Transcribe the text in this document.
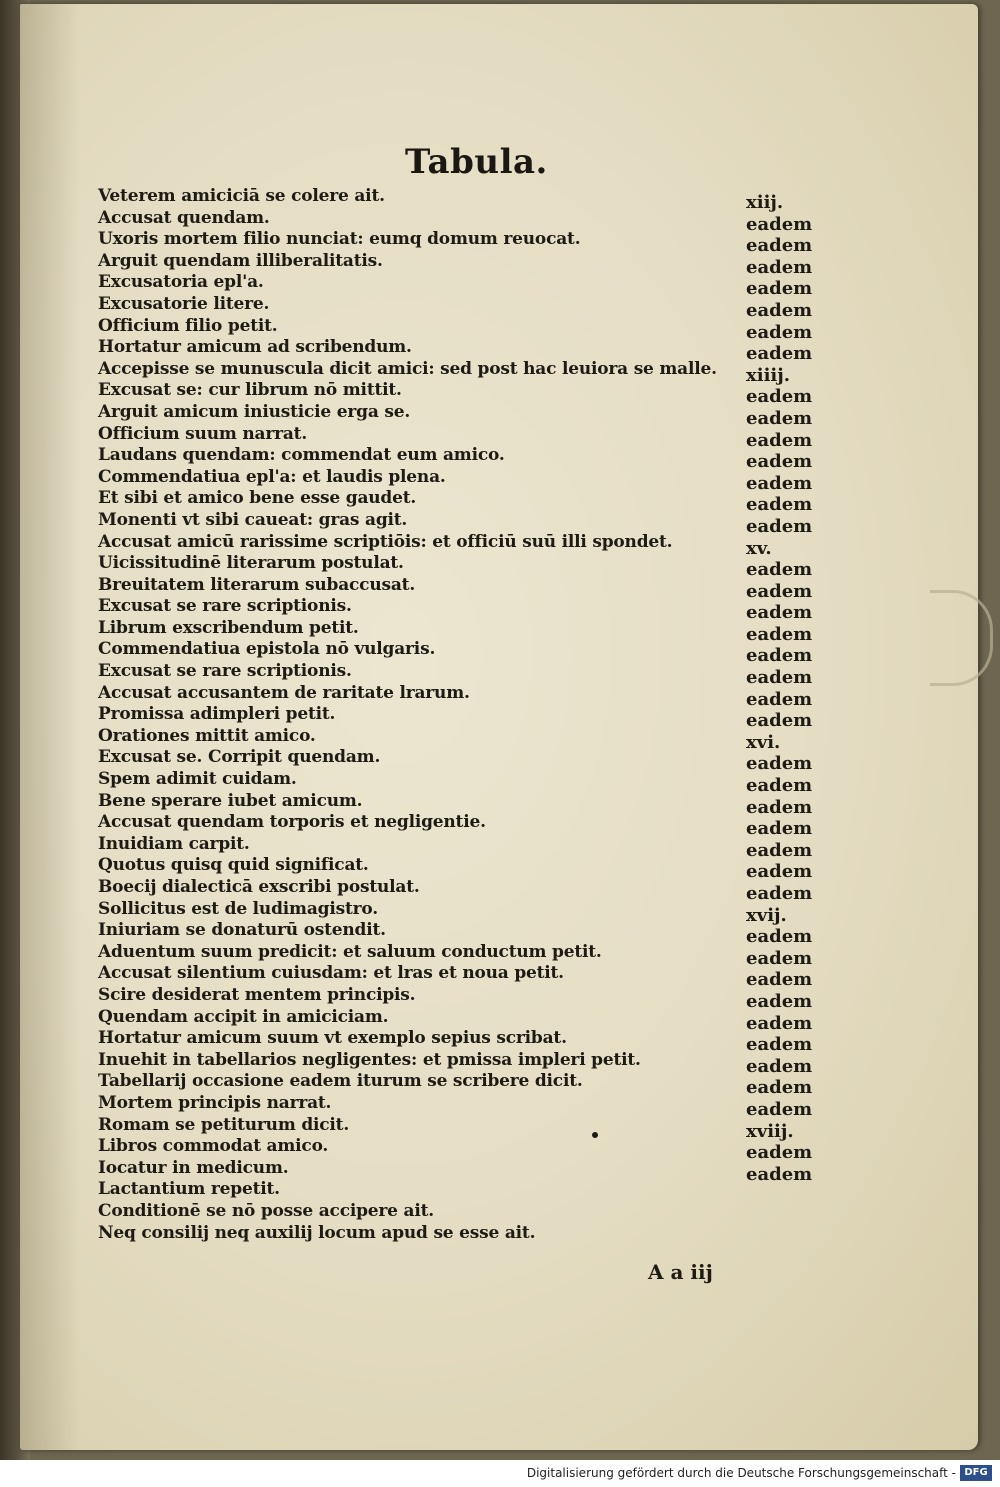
Tabula.
Veterem amiciciā se colere ait.
Accusat quendam.
Uxoris mortem filio nunciat: eumq domum reuocat.
Arguit quendam illiberalitatis.
Excusatoria epl'a.
Excusatorie litere.
Officium filio petit.
Hortatur amicum ad scribendum.
Accepisse se munuscula dicit amici: sed post hac leuiora se malle.
Excusat se: cur librum nō mittit.
Arguit amicum iniusticie erga se.
Officium suum narrat.
Laudans quendam: commendat eum amico.
Commendatiua epl'a: et laudis plena.
Et sibi et amico bene esse gaudet.
Monenti vt sibi caueat: gras agit.
Accusat amicū rarissime scriptiōis: et officiū suū illi spondet.
Uicissitudinē literarum postulat.
Breuitatem literarum subaccusat.
Excusat se rare scriptionis.
Librum exscribendum petit.
Commendatiua epistola nō vulgaris.
Excusat se rare scriptionis.
Accusat accusantem de raritate lrarum.
Promissa adimpleri petit.
Orationes mittit amico.
Excusat se. Corripit quendam.
Spem adimit cuidam.
Bene sperare iubet amicum.
Accusat quendam torporis et negligentie.
Inuidiam carpit.
Quotus quisq quid significat.
Boecij dialecticā exscribi postulat.
Sollicitus est de ludimagistro.
Iniuriam se donaturū ostendit.
Aduentum suum predicit: et saluum conductum petit.
Accusat silentium cuiusdam: et lras et noua petit.
Scire desiderat mentem principis.
Quendam accipit in amiciciam.
Hortatur amicum suum vt exemplo sepius scribat.
Inuehit in tabellarios negligentes: et pmissa impleri petit.
Tabellarij occasione eadem iturum se scribere dicit.
Mortem principis narrat.
Romam se petiturum dicit.
Libros commodat amico.
Iocatur in medicum.
Lactantium repetit.
Conditionē se nō posse accipere ait.
Neq consilij neq auxilij locum apud se esse ait.
xiij.
eadem
eadem
eadem
eadem
eadem
eadem
eadem
xiiij.
eadem
eadem
eadem
eadem
eadem
eadem
eadem
xv.
eadem
eadem
eadem
eadem
eadem
eadem
eadem
eadem
xvi.
eadem
eadem
eadem
eadem
eadem
eadem
eadem
xvij.
eadem
eadem
eadem
eadem
eadem
eadem
eadem
eadem
eadem
xviij.
eadem
eadem
A a iij
Digitalisierung gefördert durch die Deutsche Forschungsgemeinschaft - DFG
